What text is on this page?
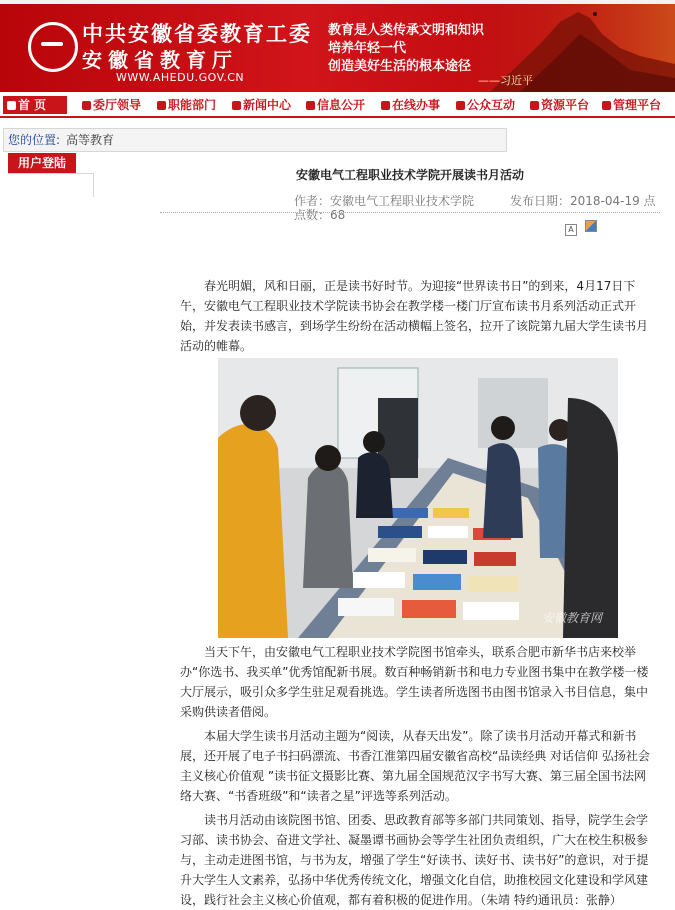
中共安徽省委教育工委
安徽省教育厅
WWW.AHEDU.GOV.CN
教育是人类传承文明和知识
培养年轻一代
创造美好生活的根本途径
——习近平
首 页	委厅领导	职能部门	新闻中心	信息公开	在线办事	公众互动	资源平台	管理平台
您的位置: 高等教育
用户登陆
安徽电气工程职业技术学院开展读书月活动
作者：安徽电气工程职业技术学院
点数：68
发布日期：2018-04-19 点
A

春光明媚，风和日丽，正是读书好时节。为迎接“世界读书日”的到来，4月17日下午，安徽电气工程职业技术学院读书协会在教学楼一楼门厅宣布读书月系列活动正式开始，并发表读书感言，到场学生纷纷在活动横幅上签名，拉开了该院第九届大学生读书月活动的帷幕。

安徽教育网

当天下午，由安徽电气工程职业技术学院图书馆牵头，联系合肥市新华书店来校举办“你选书、我买单”优秀馆配新书展。数百种畅销新书和电力专业图书集中在教学楼一楼大厅展示，吸引众多学生驻足观看挑选。学生读者所选图书由图书馆录入书目信息，集中采购供读者借阅。

本届大学生读书月活动主题为“阅读，从春天出发”。除了读书月活动开幕式和新书展，还开展了电子书扫码漂流、书香江淮第四届安徽省高校“品读经典 对话信仰 弘扬社会主义核心价值观 ”读书征文摄影比赛、第九届全国规范汉字书写大赛、第三届全国书法网络大赛、“书香班级”和“读者之星”评选等系列活动。

读书月活动由该院图书馆、团委、思政教育部等多部门共同策划、指导，院学生会学习部、读书协会、奋进文学社、凝墨谭书画协会等学生社团负责组织，广大在校生积极参与，主动走进图书馆，与书为友，增强了学生“好读书、读好书、读书好”的意识，对于提升大学生人文素养，弘扬中华优秀传统文化，增强文化自信，助推校园文化建设和学风建设，践行社会主义核心价值观，都有着积极的促进作用。（朱靖 特约通讯员：张静）
